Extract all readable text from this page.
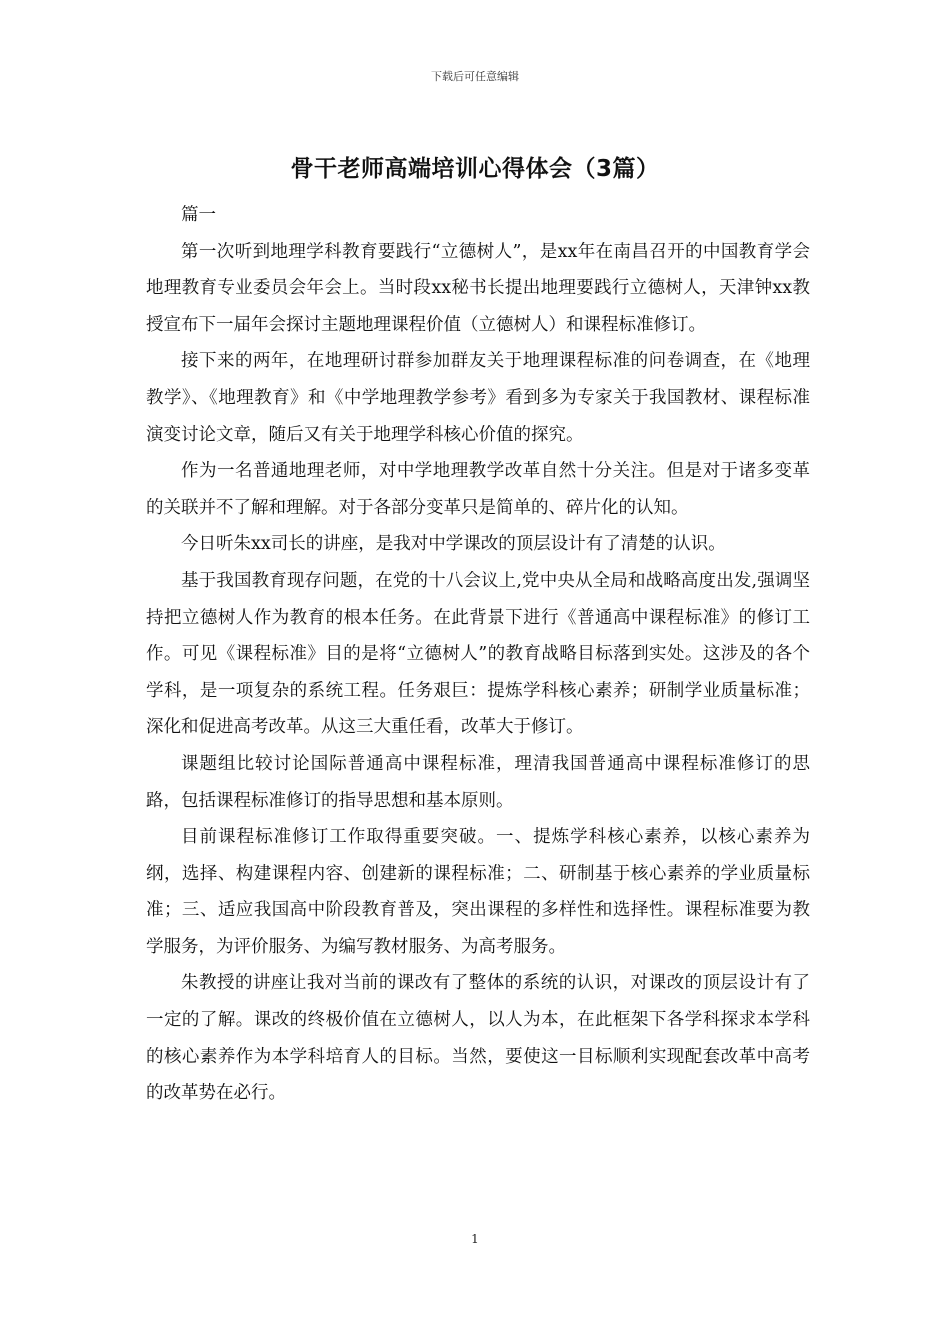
下载后可任意编辑
骨干老师高端培训心得体会（3篇）

篇一

第一次听到地理学科教育要践行“立德树人”，是xx年在南昌召开的中国教育学会地理教育专业委员会年会上。当时段xx秘书长提出地理要践行立德树人，天津钟xx教授宣布下一届年会探讨主题地理课程价值（立德树人）和课程标准修订。

接下来的两年，在地理研讨群参加群友关于地理课程标准的问卷调查，在《地理教学》、《地理教育》和《中学地理教学参考》看到多为专家关于我国教材、课程标准演变讨论文章，随后又有关于地理学科核心价值的探究。

作为一名普通地理老师，对中学地理教学改革自然十分关注。但是对于诸多变革的关联并不了解和理解。对于各部分变革只是简单的、碎片化的认知。

今日听朱xx司长的讲座，是我对中学课改的顶层设计有了清楚的认识。

基于我国教育现存问题，在党的十八会议上,党中央从全局和战略高度出发,强调坚持把立德树人作为教育的根本任务。在此背景下进行《普通高中课程标准》的修订工作。可见《课程标准》目的是将“立德树人”的教育战略目标落到实处。这涉及的各个学科，是一项复杂的系统工程。任务艰巨：提炼学科核心素养；研制学业质量标准；深化和促进高考改革。从这三大重任看，改革大于修订。

课题组比较讨论国际普通高中课程标准，理清我国普通高中课程标准修订的思路，包括课程标准修订的指导思想和基本原则。

目前课程标准修订工作取得重要突破。一、提炼学科核心素养，以核心素养为纲，选择、构建课程内容、创建新的课程标准；二、研制基于核心素养的学业质量标准；三、适应我国高中阶段教育普及，突出课程的多样性和选择性。课程标准要为教学服务，为评价服务、为编写教材服务、为高考服务。

朱教授的讲座让我对当前的课改有了整体的系统的认识，对课改的顶层设计有了一定的了解。课改的终极价值在立德树人，以人为本，在此框架下各学科探求本学科的核心素养作为本学科培育人的目标。当然，要使这一目标顺利实现配套改革中高考的改革势在必行。

1
